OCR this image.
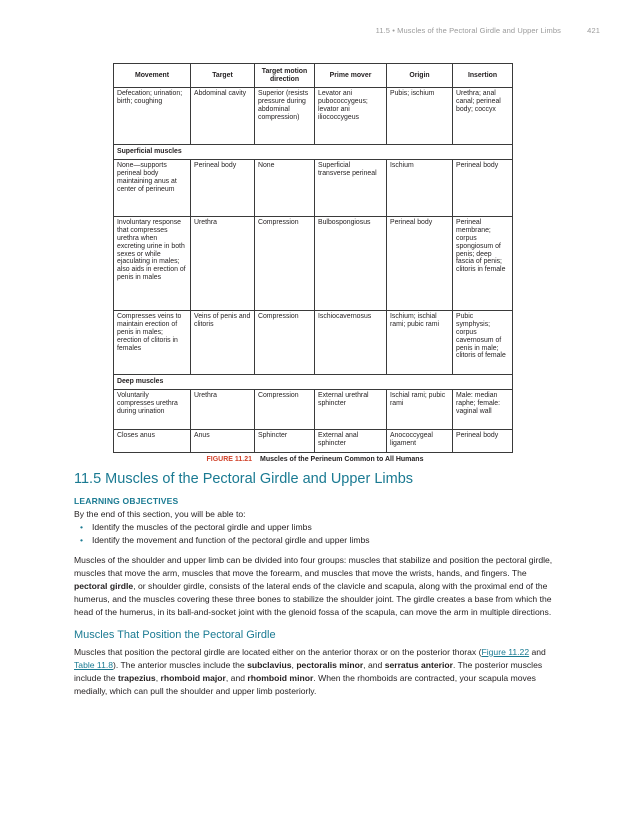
11.5 • Muscles of the Pectoral Girdle and Upper Limbs	421
Movement	Target	Target motion direction	Prime mover	Origin	Insertion
Defecation; urination; birth; coughing	Abdominal cavity	Superior (resists pressure during abdominal compression)	Levator ani pubococcygeus; levator ani iliococcygeus	Pubis; ischium	Urethra; anal canal; perineal body; coccyx
Superficial muscles					
None—supports perineal body maintaining anus at center of perineum	Perineal body	None	Superficial transverse perineal	Ischium	Perineal body
Involuntary response that compresses urethra when excreting urine in both sexes or while ejaculating in males; also aids in erection of penis in males	Urethra	Compression	Bulbospongiosus	Perineal body	Perineal membrane; corpus spongiosum of penis; deep fascia of penis; clitoris in female
Compresses veins to maintain erection of penis in males; erection of clitoris in females	Veins of penis and clitoris	Compression	Ischiocavernosus	Ischium; ischial rami; pubic rami	Pubic symphysis; corpus cavernosum of penis in male; clitoris of female
Deep muscles					
Voluntarily compresses urethra during urination	Urethra	Compression	External urethral sphincter	Ischial rami; pubic rami	Male: median raphe; female: vaginal wall
Closes anus	Anus	Sphincter	External anal sphincter	Anococcygeal ligament	Perineal body
FIGURE 11.21 Muscles of the Perineum Common to All Humans
11.5 Muscles of the Pectoral Girdle and Upper Limbs
LEARNING OBJECTIVES

By the end of this section, you will be able to:

• Identify the muscles of the pectoral girdle and upper limbs
• Identify the movement and function of the pectoral girdle and upper limbs

Muscles of the shoulder and upper limb can be divided into four groups: muscles that stabilize and position the pectoral girdle, muscles that move the arm, muscles that move the forearm, and muscles that move the wrists, hands, and fingers. The pectoral girdle, or shoulder girdle, consists of the lateral ends of the clavicle and scapula, along with the proximal end of the humerus, and the muscles covering these three bones to stabilize the shoulder joint. The girdle creates a base from which the head of the humerus, in its ball-and-socket joint with the glenoid fossa of the scapula, can move the arm in multiple directions.

Muscles That Position the Pectoral Girdle

Muscles that position the pectoral girdle are located either on the anterior thorax or on the posterior thorax (Figure 11.22 and Table 11.8). The anterior muscles include the subclavius, pectoralis minor, and serratus anterior. The posterior muscles include the trapezius, rhomboid major, and rhomboid minor. When the rhomboids are contracted, your scapula moves medially, which can pull the shoulder and upper limb posteriorly.
